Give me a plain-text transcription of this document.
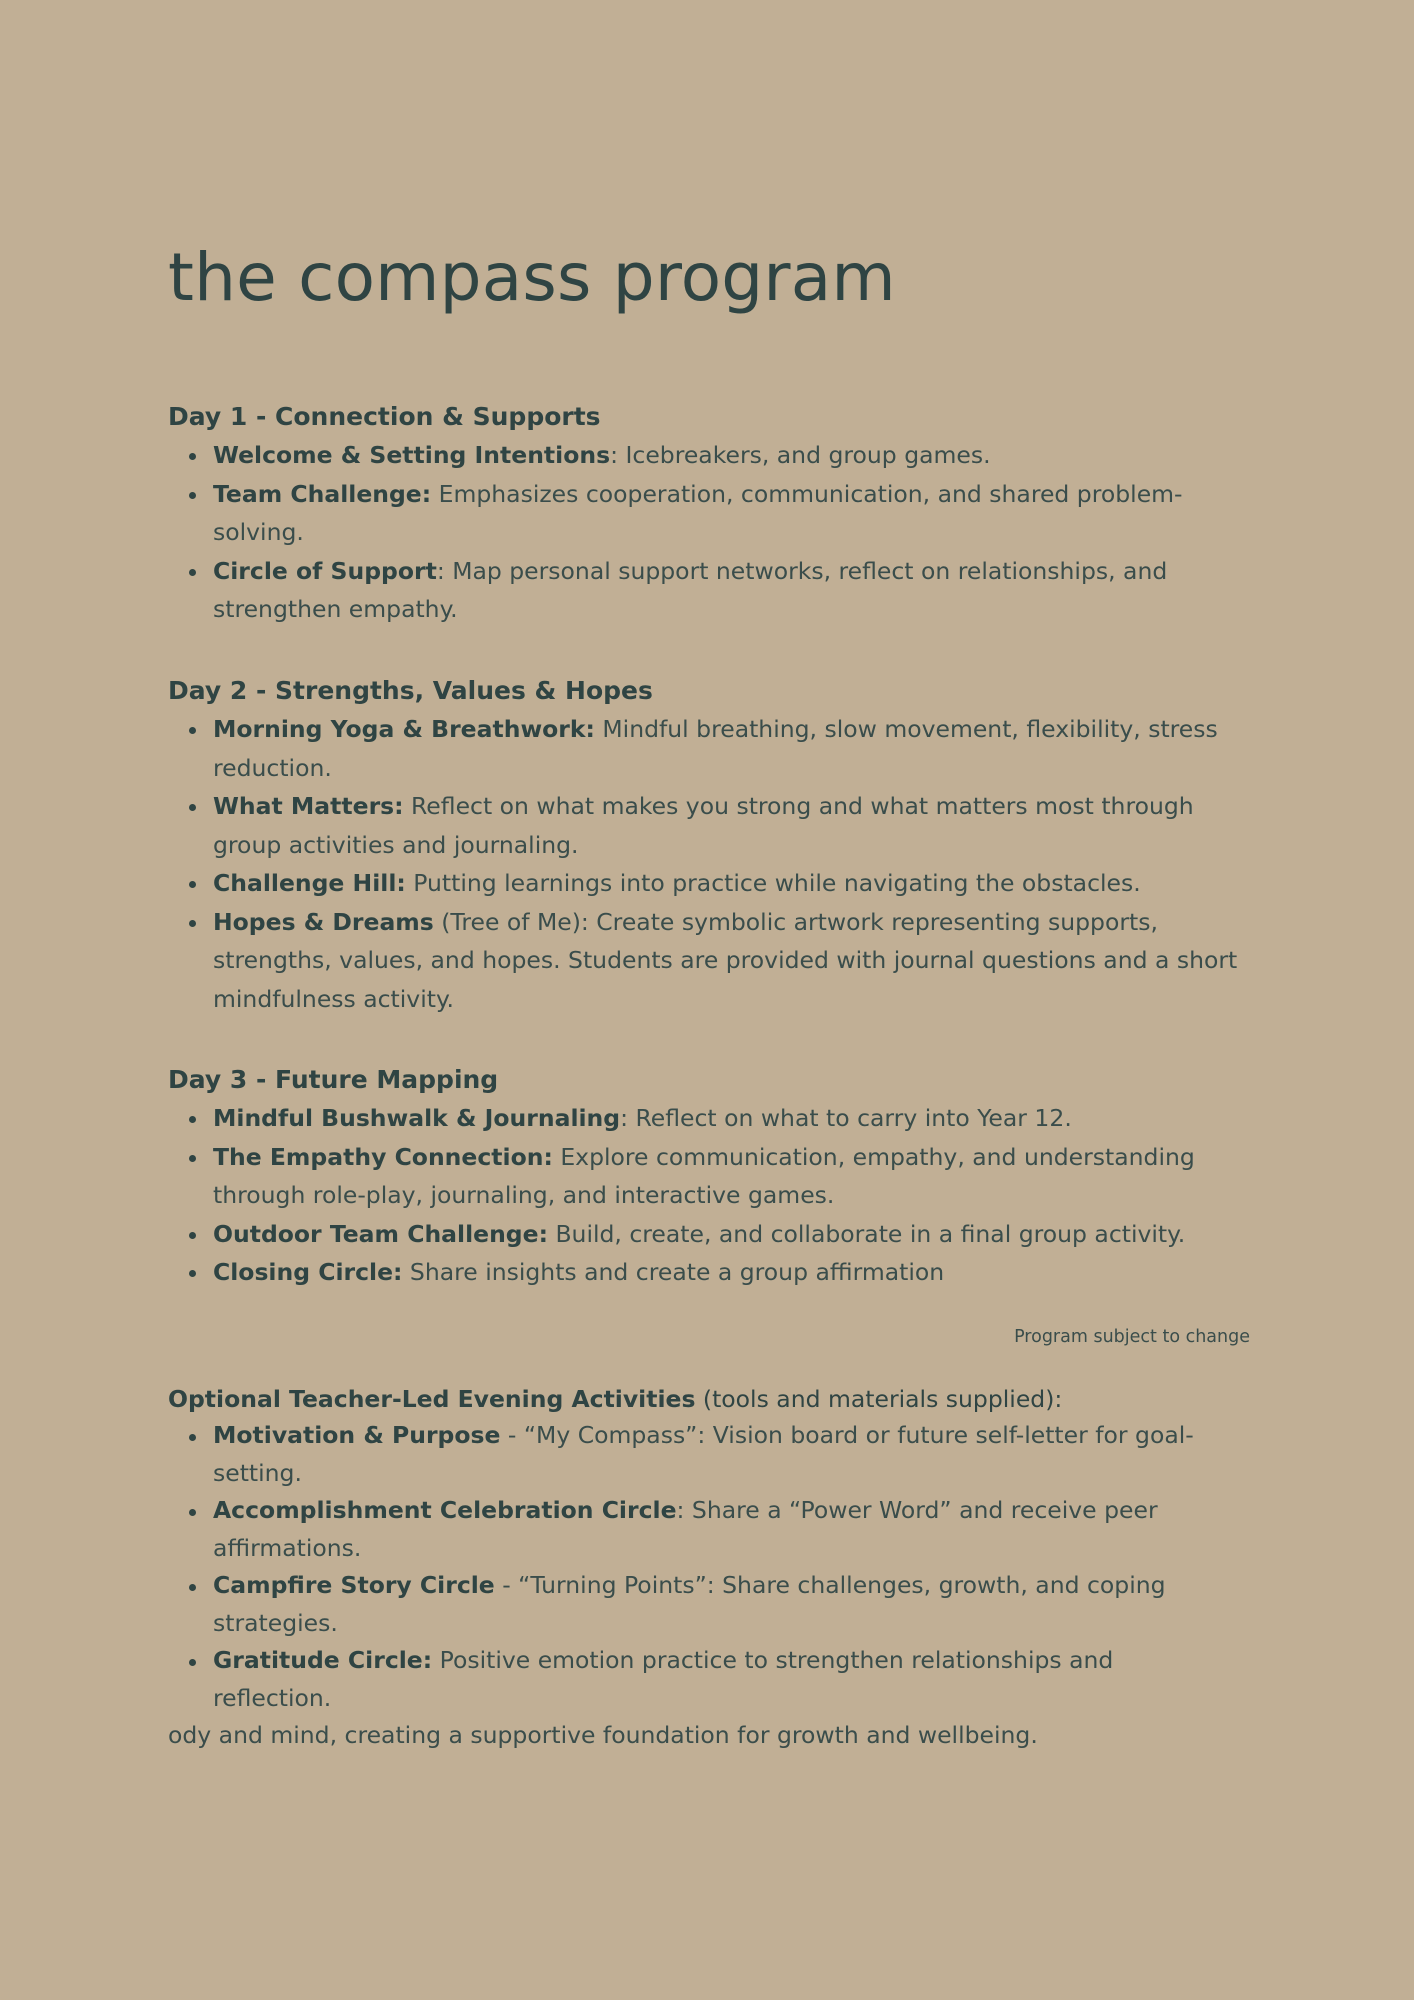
the compass program
Day 1 - Connection & Supports
Welcome & Setting Intentions: Icebreakers, and group games.
Team Challenge: Emphasizes cooperation, communication, and shared problem-solving.
Circle of Support: Map personal support networks, reflect on relationships, and strengthen empathy.
Day 2 - Strengths, Values & Hopes
Morning Yoga & Breathwork: Mindful breathing, slow movement, flexibility, stress reduction.
What Matters: Reflect on what makes you strong and what matters most through group activities and journaling.
Challenge Hill: Putting learnings into practice while navigating the obstacles.
Hopes & Dreams (Tree of Me): Create symbolic artwork representing supports, strengths, values, and hopes. Students are provided with journal questions and a short mindfulness activity.
Day 3 - Future Mapping
Mindful Bushwalk & Journaling: Reflect on what to carry into Year 12.
The Empathy Connection: Explore communication, empathy, and understanding through role-play, journaling, and interactive games.
Outdoor Team Challenge: Build, create, and collaborate in a final group activity.
Closing Circle: Share insights and create a group affirmation
Program subject to change

Optional Teacher-Led Evening Activities (tools and materials supplied):

Motivation & Purpose - “My Compass”: Vision board or future self-letter for goal-setting.
Accomplishment Celebration Circle: Share a “Power Word” and receive peer affirmations.
Campfire Story Circle - “Turning Points”: Share challenges, growth, and coping strategies.
Gratitude Circle: Positive emotion practice to strengthen relationships and reflection.

ody and mind, creating a supportive foundation for growth and wellbeing.
